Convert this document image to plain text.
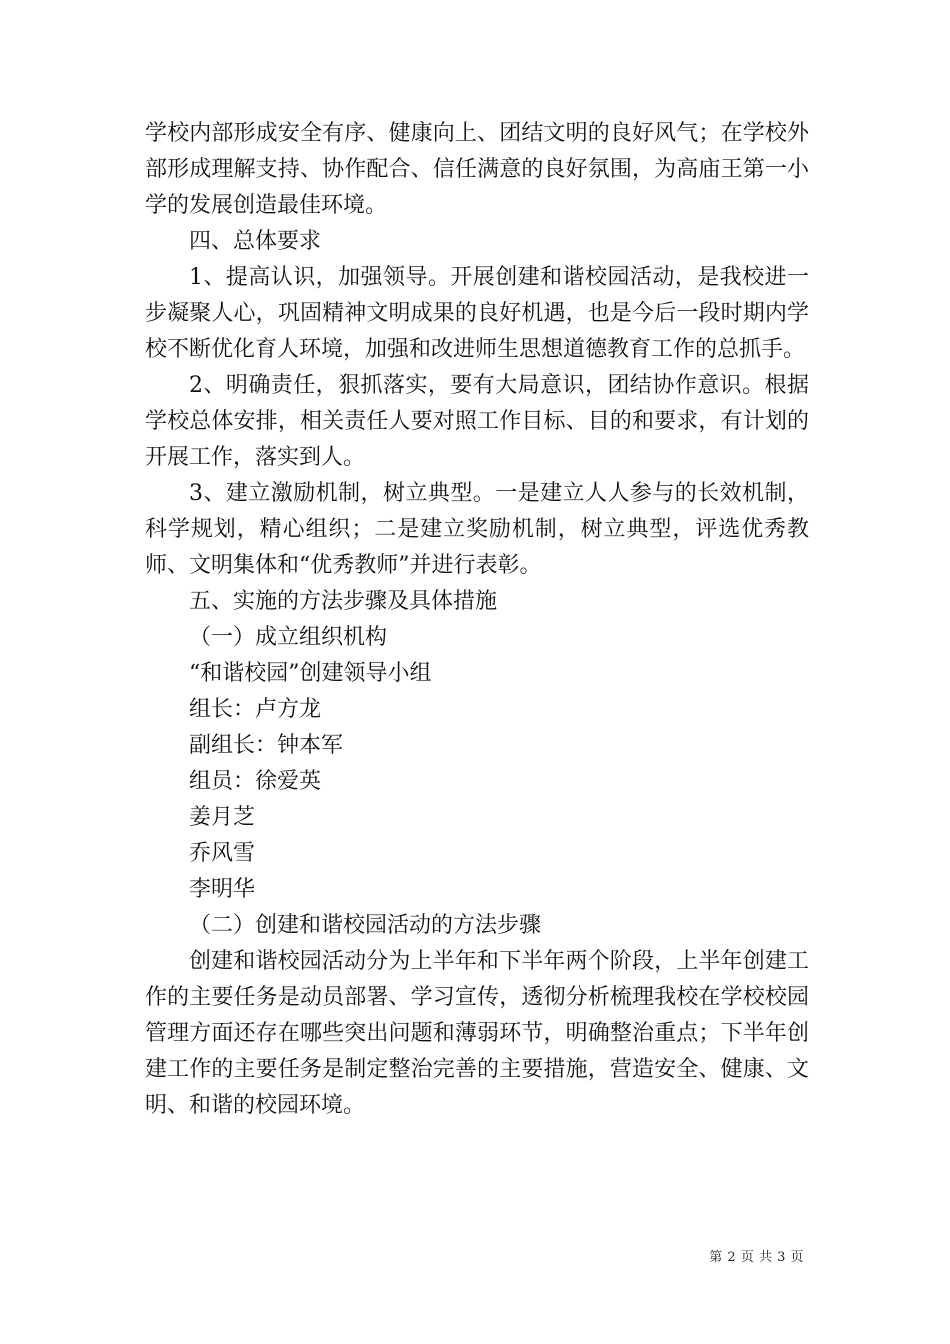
学校内部形成安全有序、健康向上、团结文明的良好风气；在学校外部形成理解支持、协作配合、信任满意的良好氛围，为高庙王第一小学的发展创造最佳环境。

四、总体要求

1、提高认识，加强领导。开展创建和谐校园活动，是我校进一步凝聚人心，巩固精神文明成果的良好机遇，也是今后一段时期内学校不断优化育人环境，加强和改进师生思想道德教育工作的总抓手。

2、明确责任，狠抓落实，要有大局意识，团结协作意识。根据学校总体安排，相关责任人要对照工作目标、目的和要求，有计划的开展工作，落实到人。

3、建立激励机制，树立典型。一是建立人人参与的长效机制，科学规划，精心组织；二是建立奖励机制，树立典型，评选优秀教师、文明集体和“优秀教师”并进行表彰。

五、实施的方法步骤及具体措施

（一）成立组织机构

“和谐校园”创建领导小组

组长：卢方龙

副组长：钟本军

组员：徐爱英

姜月芝

乔风雪

李明华

（二）创建和谐校园活动的方法步骤

创建和谐校园活动分为上半年和下半年两个阶段，上半年创建工作的主要任务是动员部署、学习宣传，透彻分析梳理我校在学校校园管理方面还存在哪些突出问题和薄弱环节，明确整治重点；下半年创建工作的主要任务是制定整治完善的主要措施，营造安全、健康、文明、和谐的校园环境。

第 2 页 共 3 页
